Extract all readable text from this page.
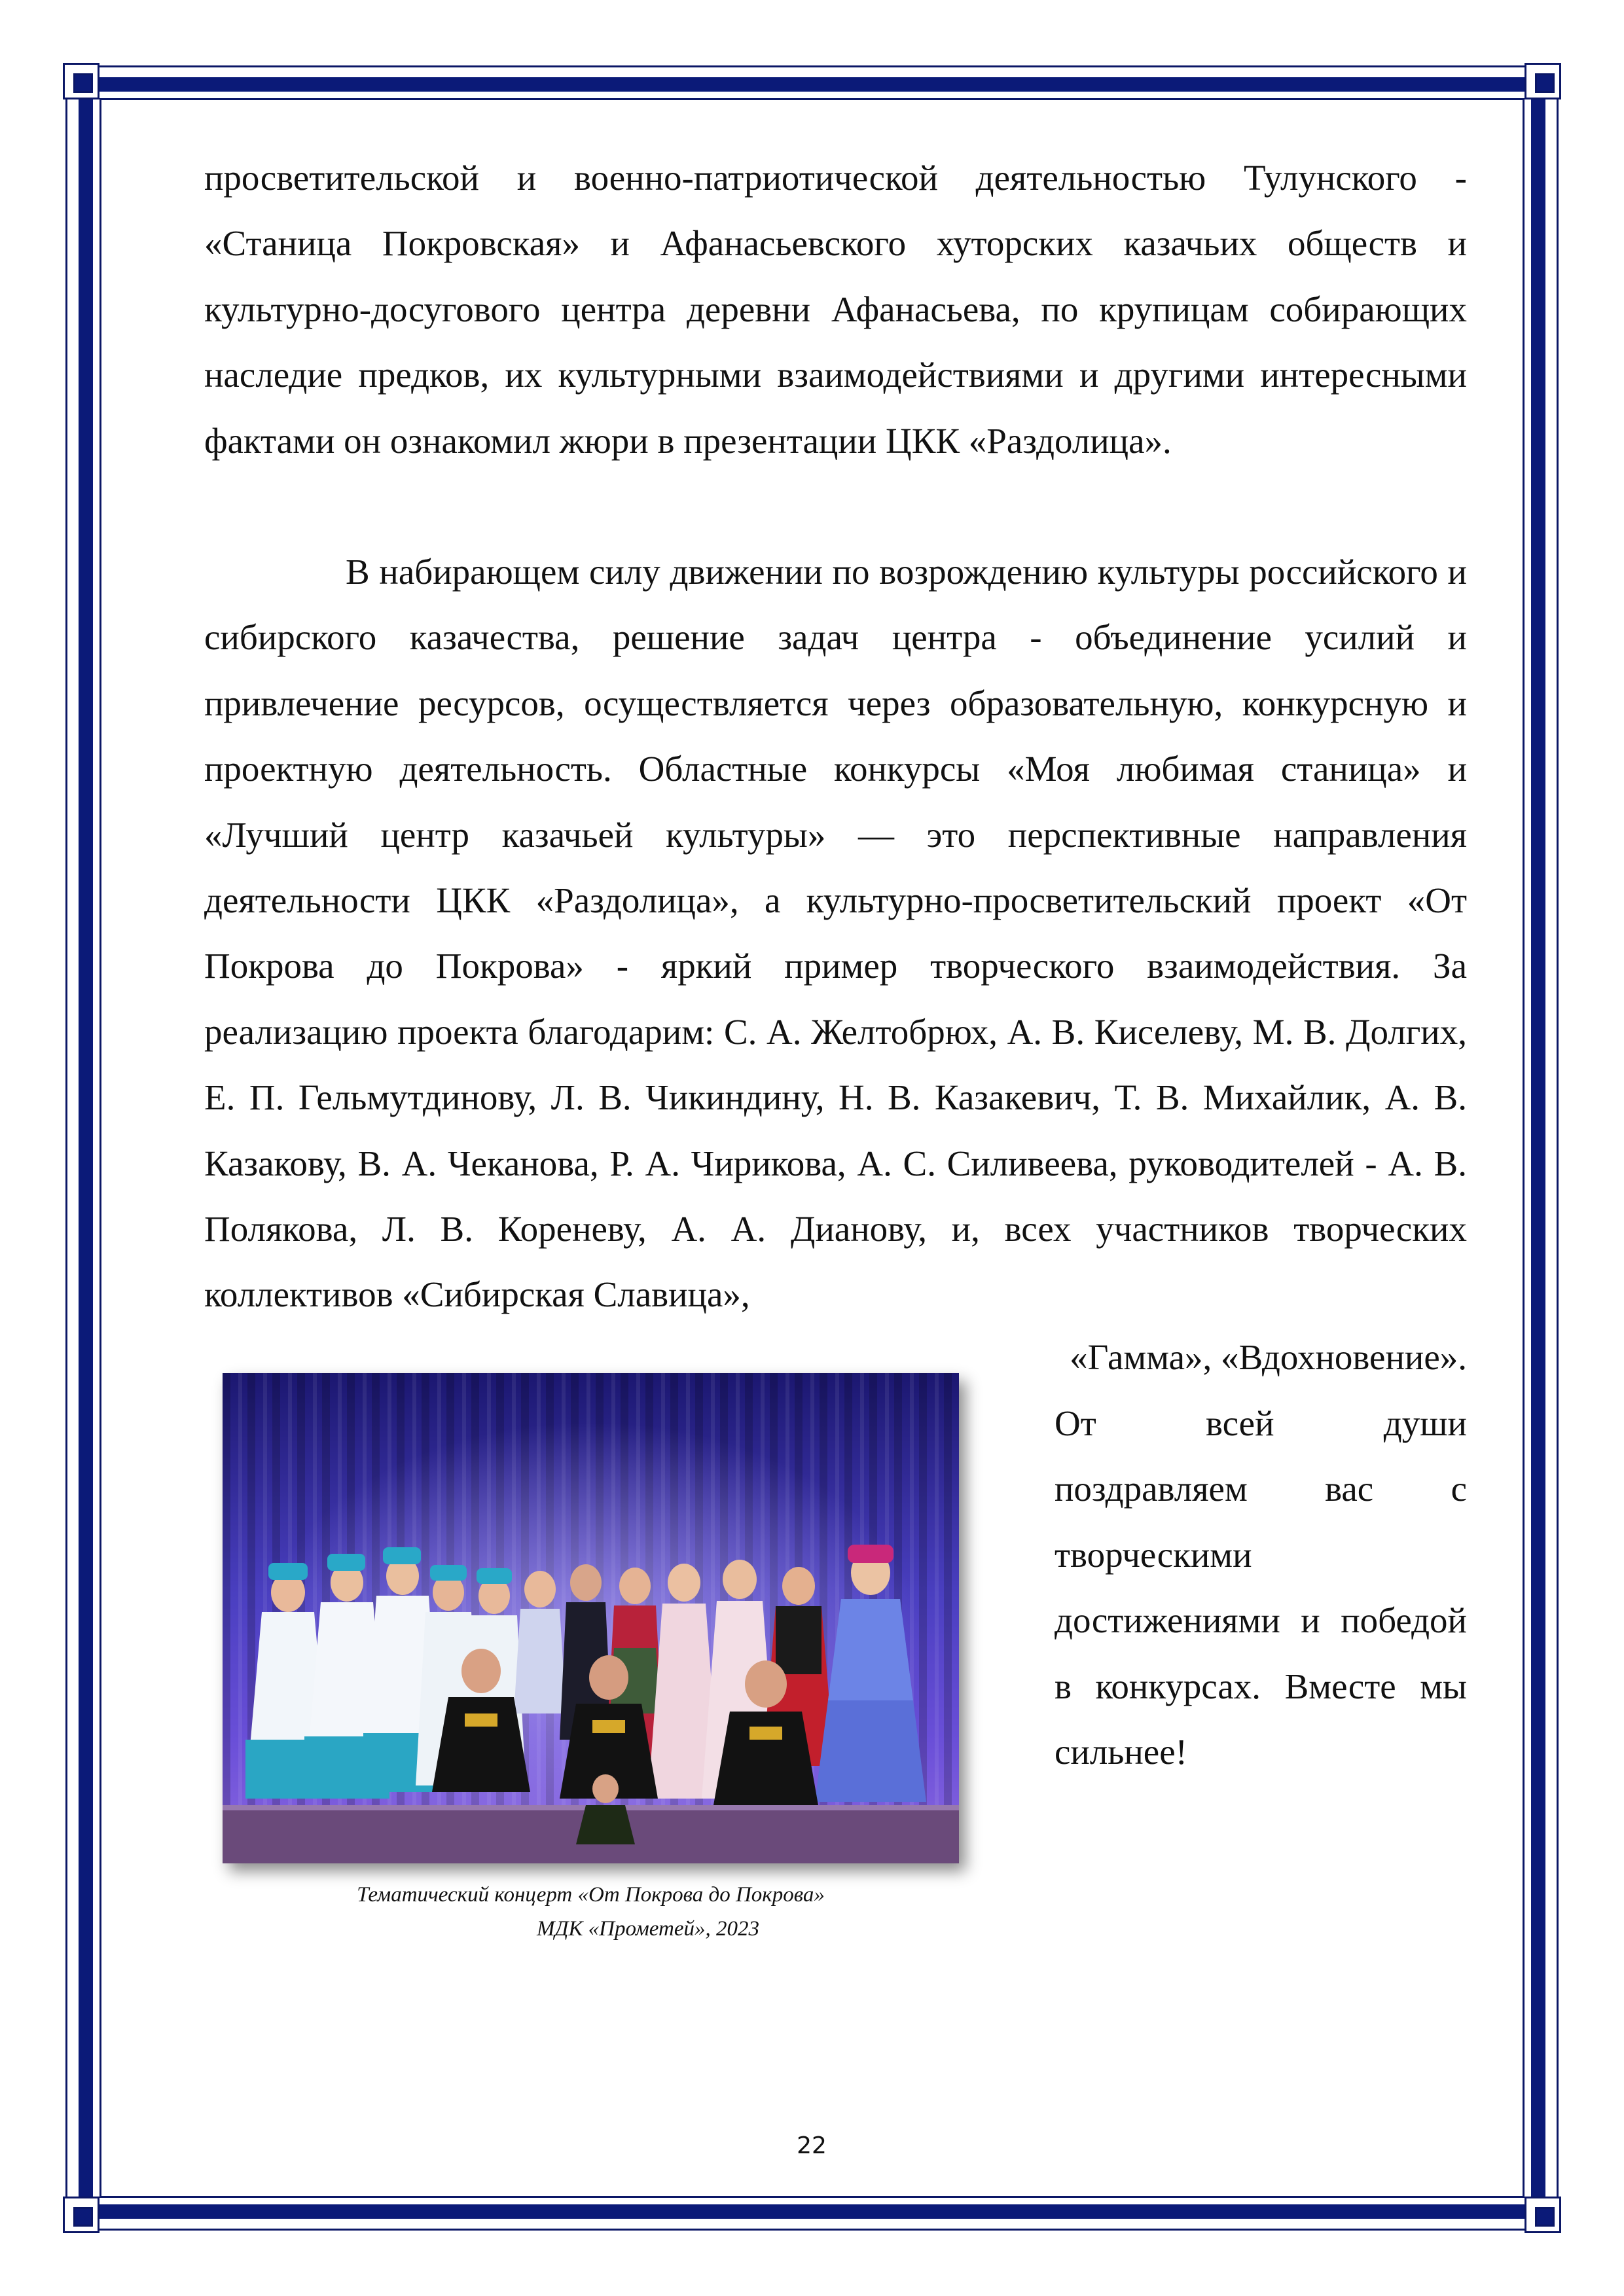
просветительской и военно-патриотической деятельностью Тулунского - «Станица Покровская» и Афанасьевского хуторских казачьих обществ и культурно-досугового центра деревни Афанасьева, по крупицам собирающих наследие предков, их культурными взаимодействиями и другими интересными фактами он ознакомил жюри в презентации ЦКК «Раздолица».

В набирающем силу движении по возрождению культуры российского и сибирского казачества, решение задач центра - объединение усилий и привлечение ресурсов, осуществляется через образовательную, конкурсную и проектную деятельность. Областные конкурсы «Моя любимая станица» и «Лучший центр казачьей культуры» — это перспективные направления деятельности ЦКК «Раздолица», а культурно-просветительский проект «От Покрова до Покрова» - яркий пример творческого взаимодействия. За реализацию проекта благодарим: С. А. Желтобрюх, А. В. Киселеву, М. В. Долгих, Е. П. Гельмутдинову, Л. В. Чикиндину, Н. В. Казакевич, Т. В. Михайлик, А. В. Казакову, В. А. Чеканова, Р. А. Чирикова, А. С. Силивеева, руководителей - А. В. Полякова, Л. В. Кореневу, А. А. Дианову, и, всех участников творческих коллективов «Сибирская Славица»,

«Гамма», «Вдохновение».

От всей души поздравляем вас с творческими достижениями и победой в конкурсах. Вместе мы сильнее!

Тематический концерт «От Покрова до Покрова»

МДК «Прометей», 2023

22
